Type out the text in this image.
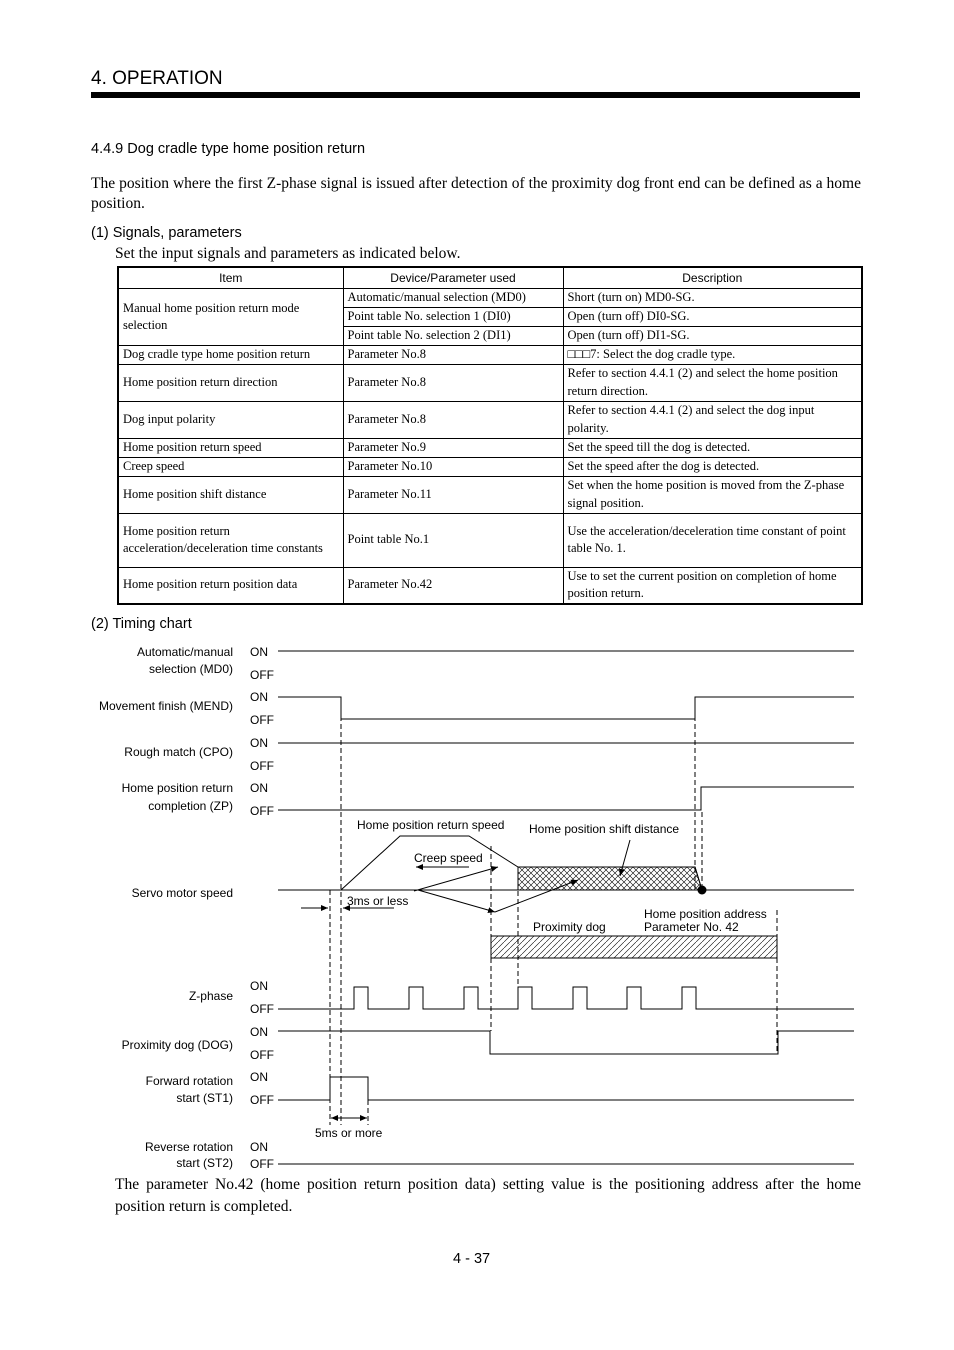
4. OPERATION
4.4.9 Dog cradle type home position return
The position where the first Z-phase signal is issued after detection of the proximity dog front end can be defined as a home position.
(1) Signals, parameters
Set the input signals and parameters as indicated below.
Item	Device/Parameter used	Description
Manual home position return mode selection	Automatic/manual selection (MD0)	Short (turn on) MD0-SG.
	Point table No. selection 1 (DI0)	Open (turn off) DI0-SG.
	Point table No. selection 2 (DI1)	Open (turn off) DI1-SG.
Dog cradle type home position return	Parameter No.8	□□□7: Select the dog cradle type.
Home position return direction	Parameter No.8	Refer to section 4.4.1 (2) and select the home position return direction.
Dog input polarity	Parameter No.8	Refer to section 4.4.1 (2) and select the dog input polarity.
Home position return speed	Parameter No.9	Set the speed till the dog is detected.
Creep speed	Parameter No.10	Set the speed after the dog is detected.
Home position shift distance	Parameter No.11	Set when the home position is moved from the Z-phase signal position.
Home position return acceleration/deceleration time constants	Point table No.1	Use the acceleration/deceleration time constant of point table No. 1.
Home position return position data	Parameter No.42	Use to set the current position on completion of home position return.
(2) Timing chart
Automatic/manual
selection (MD0)
Movement finish (MEND)
Rough match (CPO)
Home position return
completion (ZP)
Servo motor speed
Z-phase
Proximity dog (DOG)
Forward rotation
start (ST1)
Reverse rotation
start (ST2)
ON
OFF
ON
OFF
ON
OFF
ON
OFF
ON
OFF
ON
OFF
ON
OFF
ON
OFF
Home position return speed Home position shift distance
Creep speed
3ms or less
Proximity dog
Home position address
Parameter No. 42
5ms or more
The parameter No.42 (home position return position data) setting value is the positioning address after the home position return is completed.
4 - 37
